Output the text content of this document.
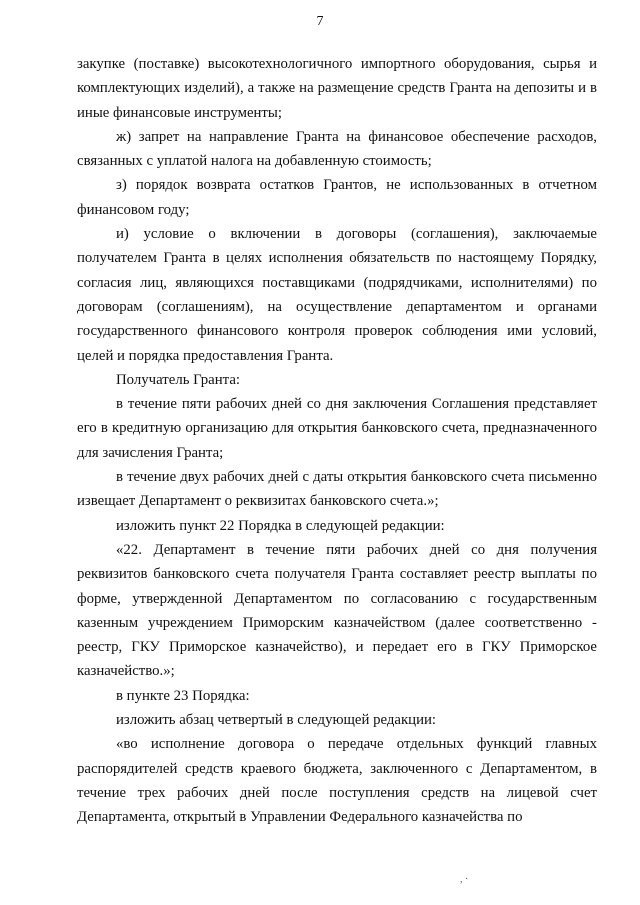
7

закупке (поставке) высокотехнологичного импортного оборудования, сырья и комплектующих изделий), а также на размещение средств Гранта на депозиты и в иные финансовые инструменты;

ж) запрет на направление Гранта на финансовое обеспечение расходов, связанных с уплатой налога на добавленную стоимость;

з) порядок возврата остатков Грантов, не использованных в отчетном финансовом году;

и) условие о включении в договоры (соглашения), заключаемые получателем Гранта в целях исполнения обязательств по настоящему Порядку, согласия лиц, являющихся поставщиками (подрядчиками, исполнителями) по договорам (соглашениям), на осуществление департаментом и органами государственного финансового контроля проверок соблюдения ими условий, целей и порядка предоставления Гранта.

Получатель Гранта:

в течение пяти рабочих дней со дня заключения Соглашения представляет его в кредитную организацию для открытия банковского счета, предназначенного для зачисления Гранта;

в течение двух рабочих дней с даты открытия банковского счета письменно извещает Департамент о реквизитах банковского счета.»;

изложить пункт 22 Порядка в следующей редакции:

«22. Департамент в течение пяти рабочих дней со дня получения реквизитов банковского счета получателя Гранта составляет реестр выплаты по форме, утвержденной Департаментом по согласованию с государственным казенным учреждением Приморским казначейством (далее соответственно - реестр, ГКУ Приморское казначейство), и передает его в ГКУ Приморское казначейство.»;

в пункте 23 Порядка:

изложить абзац четвертый в следующей редакции:

«во исполнение договора о передаче отдельных функций главных распорядителей средств краевого бюджета, заключенного с Департаментом, в течение трех рабочих дней после поступления средств на лицевой счет Департамента, открытый в Управлении Федерального казначейства по

, ·
